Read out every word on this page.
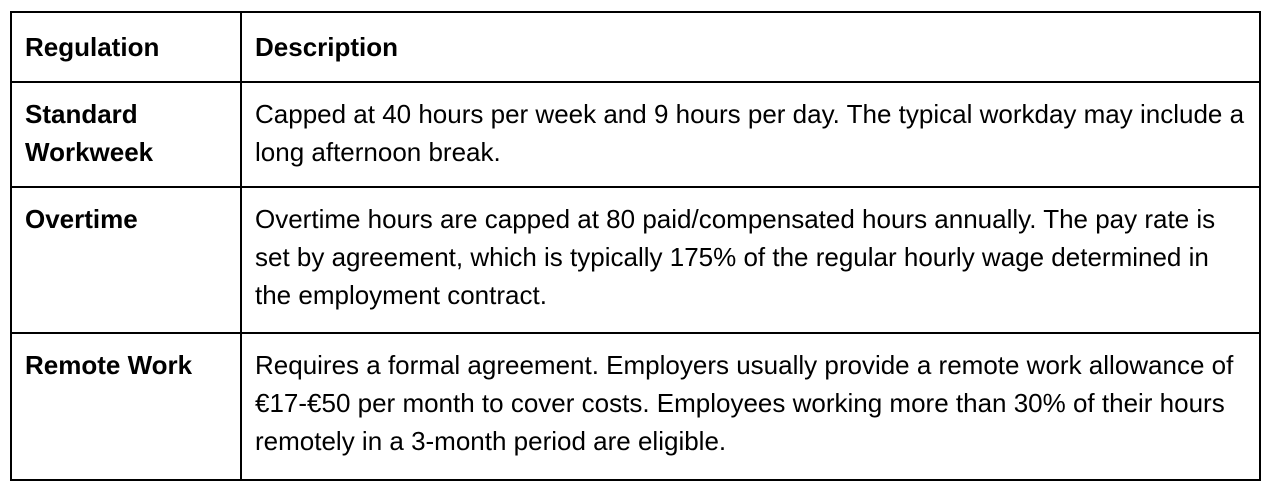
Regulation	Description
Standard Workweek	Capped at 40 hours per week and 9 hours per day. The typical workday may include a long afternoon break.
Overtime	Overtime hours are capped at 80 paid/compensated hours annually. The pay rate is set by agreement, which is typically 175% of the regular hourly wage determined in the employment contract.
Remote Work	Requires a formal agreement. Employers usually provide a remote work allowance of €17-€50 per month to cover costs. Employees working more than 30% of their hours remotely in a 3-month period are eligible.
